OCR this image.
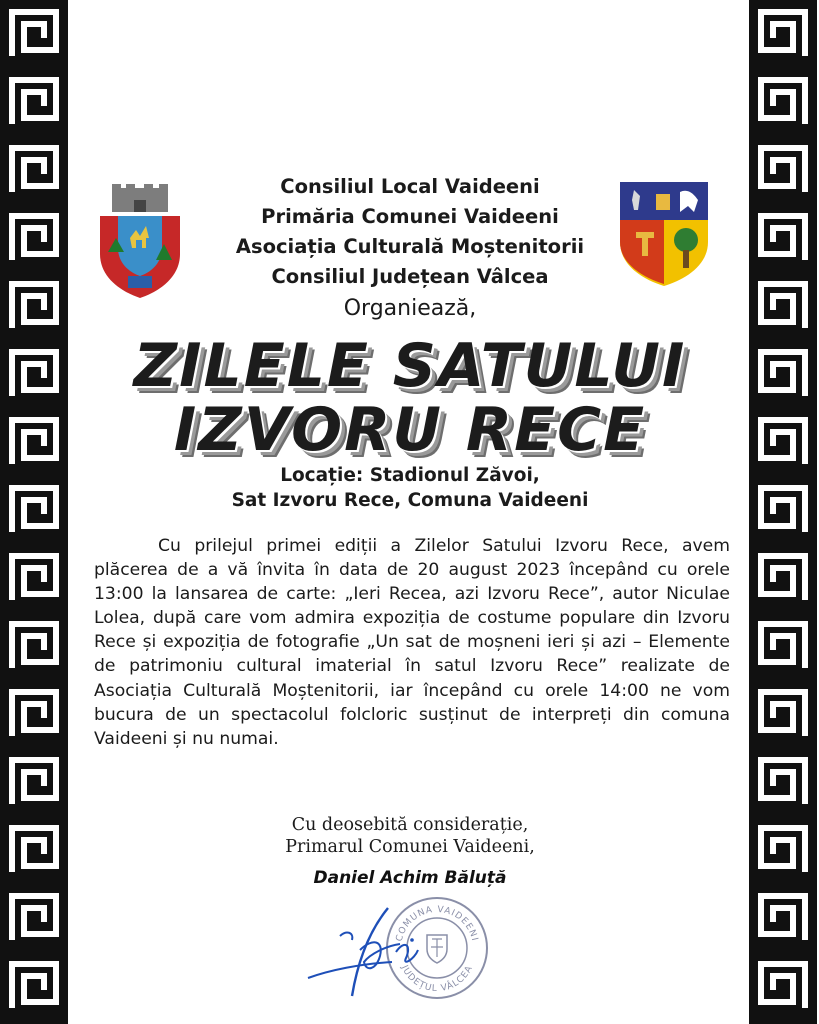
Consiliul Local Vaideeni
Primăria Comunei Vaideeni
Asociația Culturală Moștenitorii
Consiliul Județean Vâlcea
Organiează,
ZILELE SATULUI
IZVORU RECE
Locație: Stadionul Zăvoi,
Sat Izvoru Rece, Comuna Vaideeni
Cu prilejul primei ediții a Zilelor Satului Izvoru Rece, avem plăcerea de a vă învita în data de 20 august 2023 începând cu orele 13:00 la lansarea de carte: „Ieri Recea, azi Izvoru Rece”, autor Niculae Lolea, după care vom admira expoziția de costume populare din Izvoru Rece și expoziția de fotografie „Un sat de moșneni ieri și azi – Elemente de patrimoniu cultural imaterial în satul Izvoru Rece” realizate de Asociația Culturală Moștenitorii, iar începând cu orele 14:00 ne vom bucura de un spectacolul folcloric susținut de interpreți din comuna Vaideeni și nu numai.
Cu deosebită considerație,
Primarul Comunei Vaideeni,
Daniel Achim Băluță
COMUNA VAIDEENI
JUDEȚUL VÂLCEA
